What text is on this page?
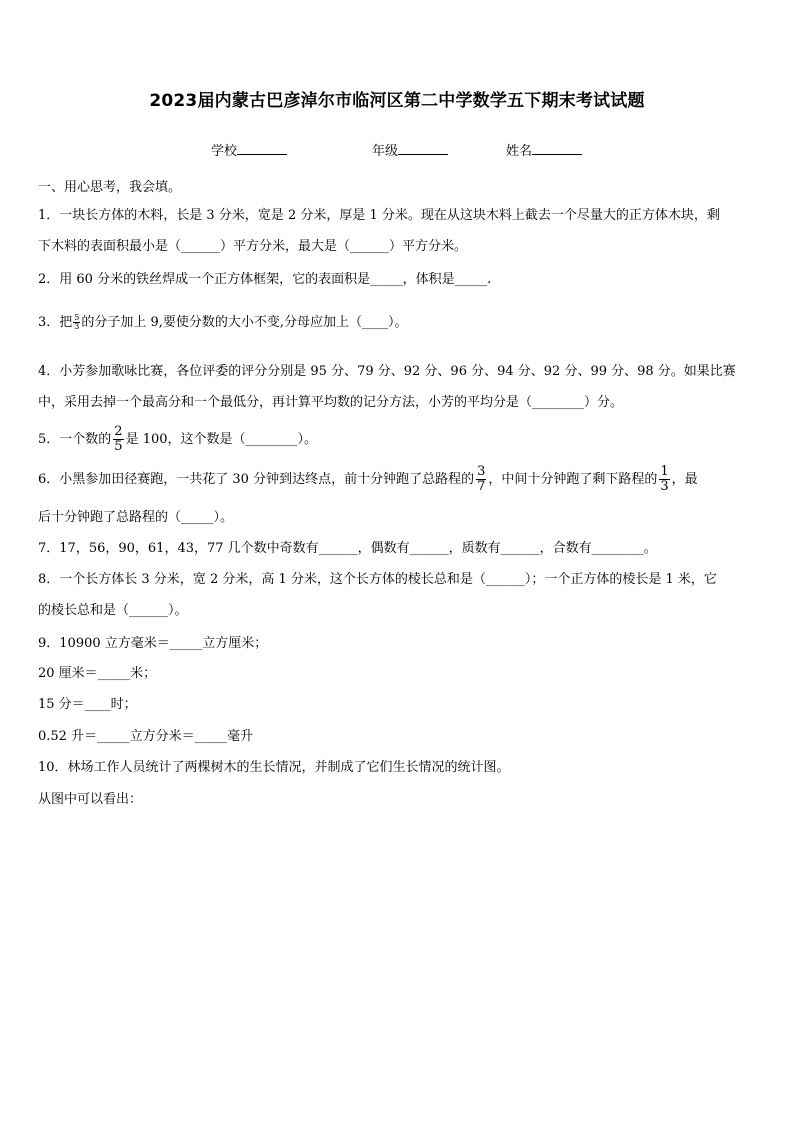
2023届内蒙古巴彦淖尔市临河区第二中学数学五下期末考试试题
学校	年级	姓名
一、用心思考，我会填。
1．一块长方体的木料，长是 3 分米，宽是 2 分米，厚是 1 分米。现在从这块木料上截去一个尽量大的正方体木块，剩
下木料的表面积最小是（______）平方分米，最大是（______）平方分米。
2．用 60 分米的铁丝焊成一个正方体框架，它的表面积是_____，体积是_____.
3．把 $\frac{5}{3}$ 的分子加上 9,要使分数的大小不变,分母应加上（____）。
4．小芳参加歌咏比赛，各位评委的评分分别是 95 分、79 分、92 分、96 分、94 分、92 分、99 分、98 分。如果比赛
中，采用去掉一个最高分和一个最低分，再计算平均数的记分方法，小芳的平均分是（________）分。
5．一个数的 $\frac{2}{5}$ 是 100，这个数是（________）。
6．小黑参加田径赛跑，一共花了 30 分钟到达终点，前十分钟跑了总路程的 $\frac{3}{7}$ ，中间十分钟跑了剩下路程的 $\frac{1}{3}$ ，最
后十分钟跑了总路程的（_____）。
7．17，56，90，61，43，77 几个数中奇数有______，偶数有______，质数有______，合数有________。
8．一个长方体长 3 分米，宽 2 分米，高 1 分米，这个长方体的棱长总和是（______）；一个正方体的棱长是 1 米，它
的棱长总和是（______）。
9．10900 立方毫米＝_____立方厘米；
20 厘米＝_____米；
15 分＝____时；
0.52 升＝_____立方分米＝_____毫升
10．林场工作人员统计了两棵树木的生长情况，并制成了它们生长情况的统计图。
从图中可以看出：
